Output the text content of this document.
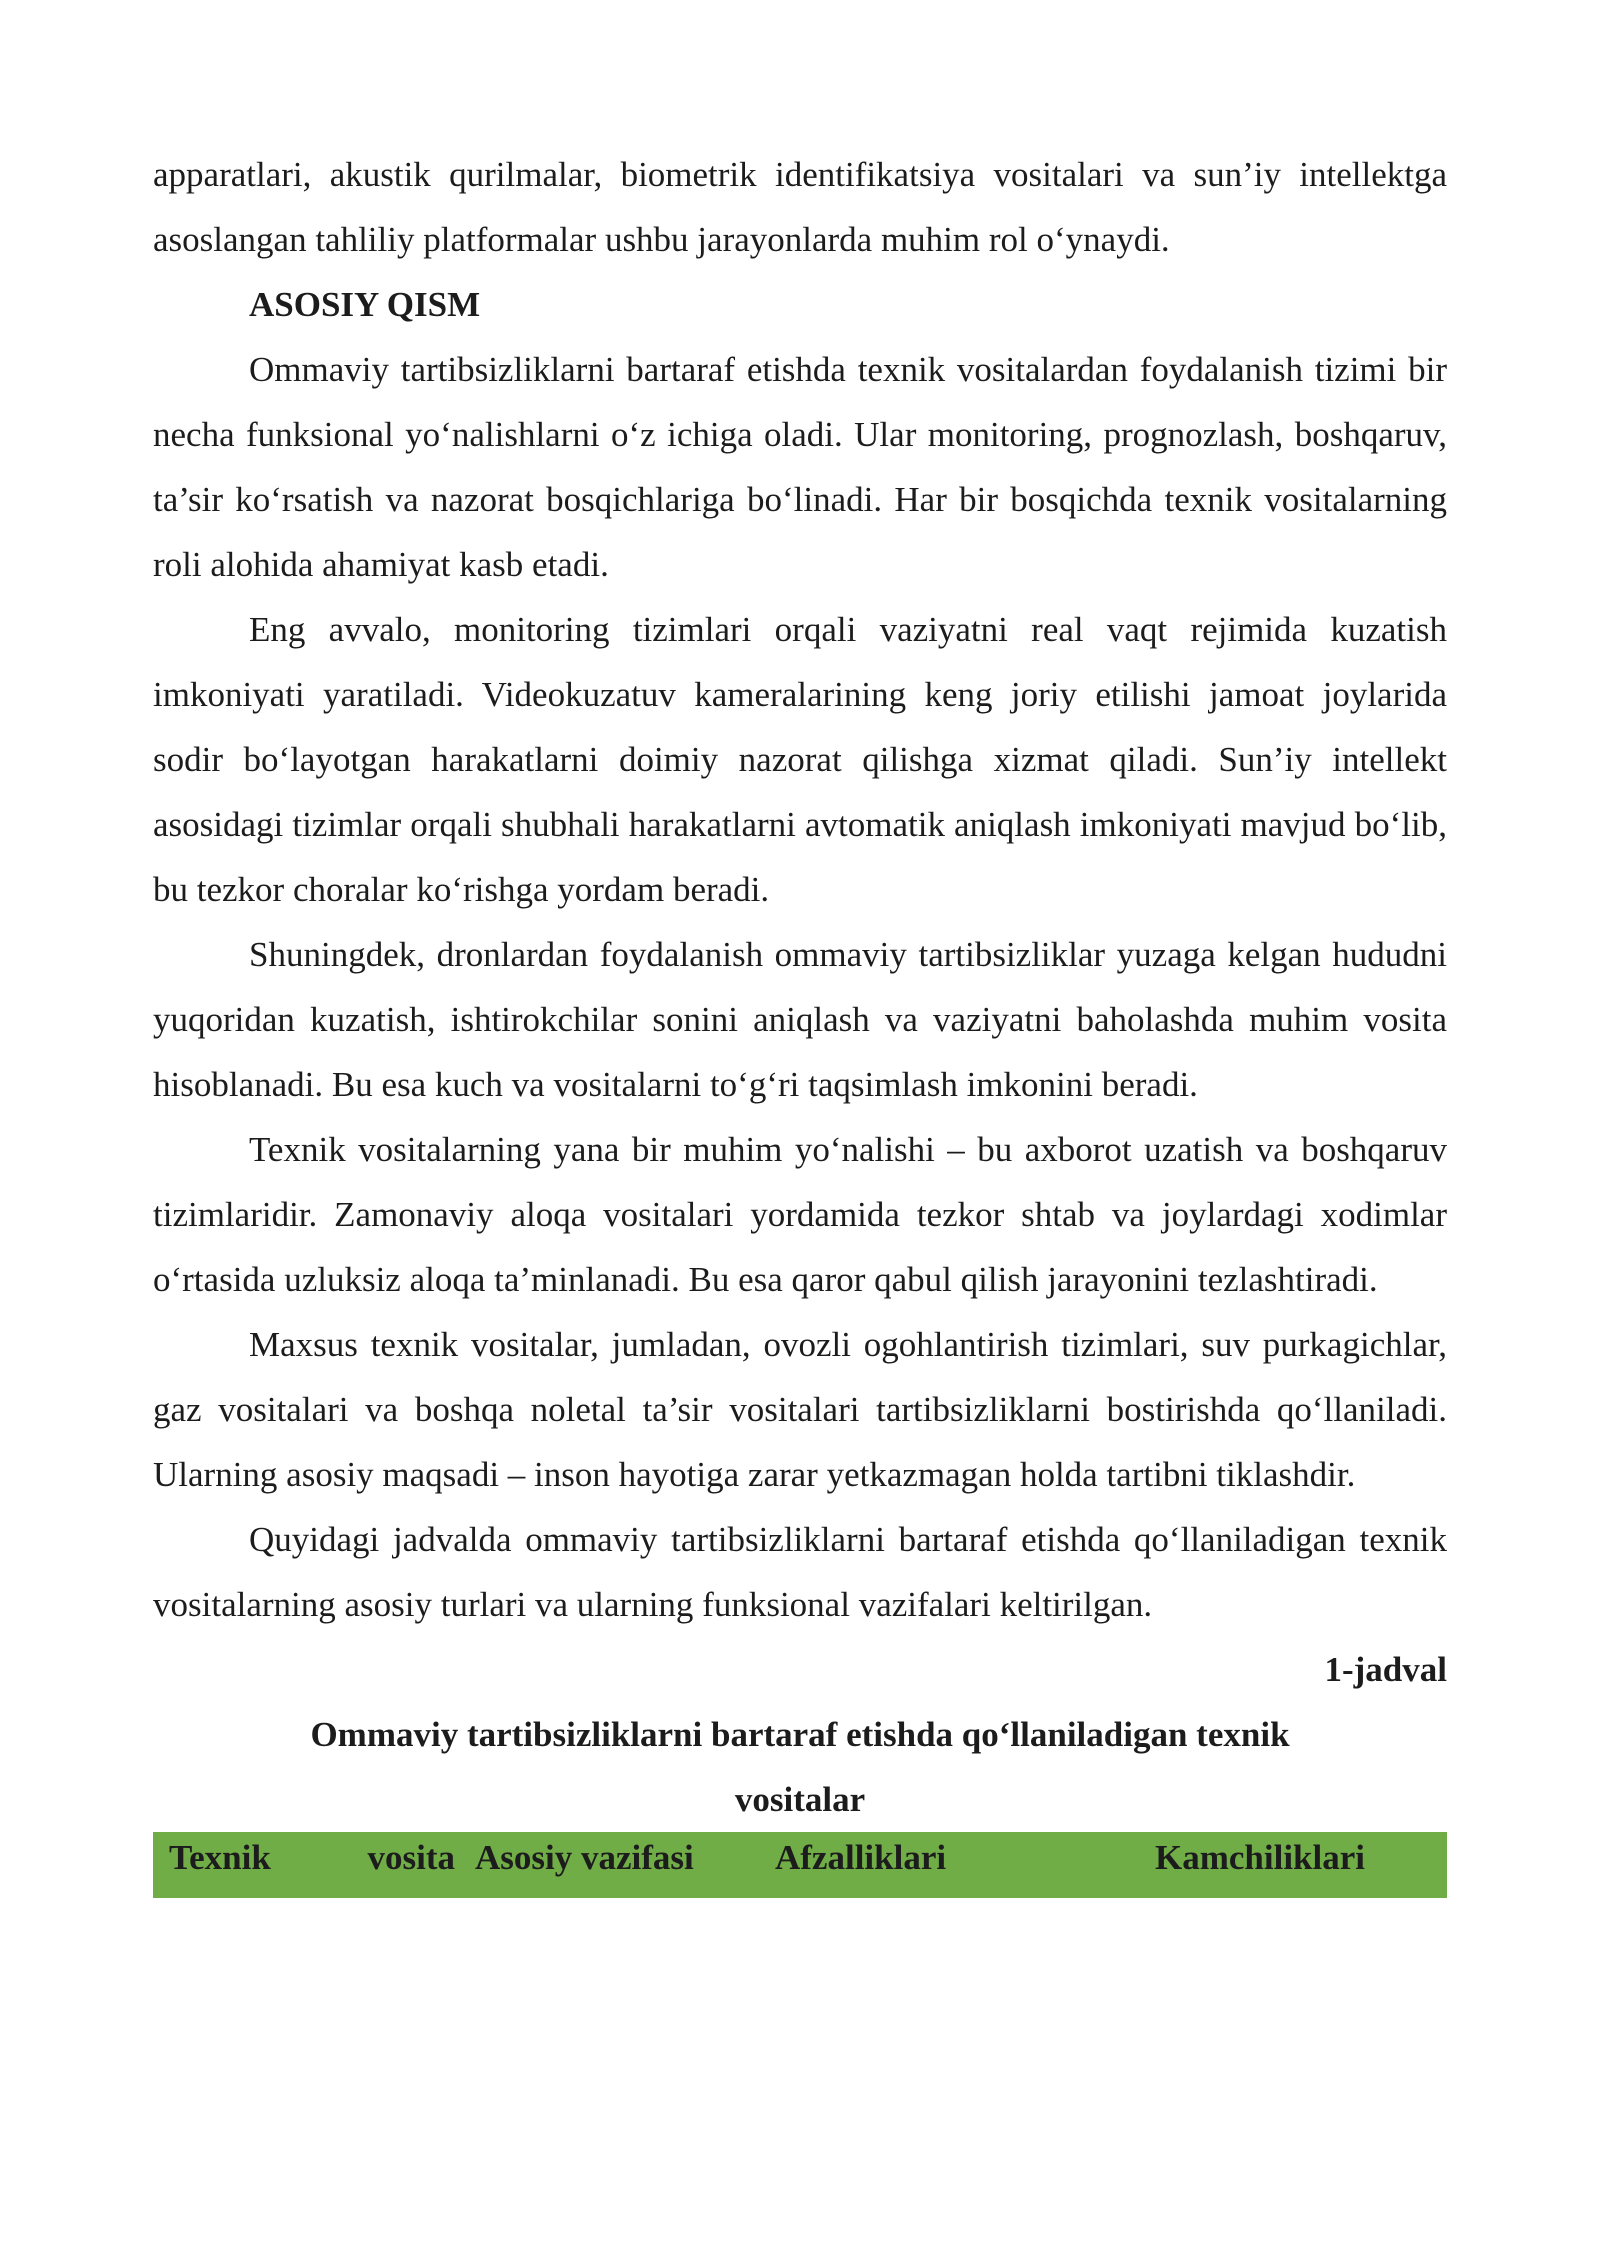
apparatlari, akustik qurilmalar, biometrik identifikatsiya vositalari va sun’iy intellektga asoslangan tahliliy platformalar ushbu jarayonlarda muhim rol o‘ynaydi.

ASOSIY QISM

Ommaviy tartibsizliklarni bartaraf etishda texnik vositalardan foydalanish tizimi bir necha funksional yo‘nalishlarni o‘z ichiga oladi. Ular monitoring, prognozlash, boshqaruv, ta’sir ko‘rsatish va nazorat bosqichlariga bo‘linadi. Har bir bosqichda texnik vositalarning roli alohida ahamiyat kasb etadi.

Eng avvalo, monitoring tizimlari orqali vaziyatni real vaqt rejimida kuzatish imkoniyati yaratiladi. Videokuzatuv kameralarining keng joriy etilishi jamoat joylarida sodir bo‘layotgan harakatlarni doimiy nazorat qilishga xizmat qiladi. Sun’iy intellekt asosidagi tizimlar orqali shubhali harakatlarni avtomatik aniqlash imkoniyati mavjud bo‘lib, bu tezkor choralar ko‘rishga yordam beradi.

Shuningdek, dronlardan foydalanish ommaviy tartibsizliklar yuzaga kelgan hududni yuqoridan kuzatish, ishtirokchilar sonini aniqlash va vaziyatni baholashda muhim vosita hisoblanadi. Bu esa kuch va vositalarni to‘g‘ri taqsimlash imkonini beradi.

Texnik vositalarning yana bir muhim yo‘nalishi – bu axborot uzatish va boshqaruv tizimlaridir. Zamonaviy aloqa vositalari yordamida tezkor shtab va joylardagi xodimlar o‘rtasida uzluksiz aloqa ta’minlanadi. Bu esa qaror qabul qilish jarayonini tezlashtiradi.

Maxsus texnik vositalar, jumladan, ovozli ogohlantirish tizimlari, suv purkagichlar, gaz vositalari va boshqa noletal ta’sir vositalari tartibsizliklarni bostirishda qo‘llaniladi. Ularning asosiy maqsadi – inson hayotiga zarar yetkazmagan holda tartibni tiklashdir.

Quyidagi jadvalda ommaviy tartibsizliklarni bartaraf etishda qo‘llaniladigan texnik vositalarning asosiy turlari va ularning funksional vazifalari keltirilgan.

1-jadval

Ommaviy tartibsizliklarni bartaraf etishda qo‘llaniladigan texnik vositalar

Texnik vosita Asosiy vazifasi	Afzalliklari	Kamchiliklari
